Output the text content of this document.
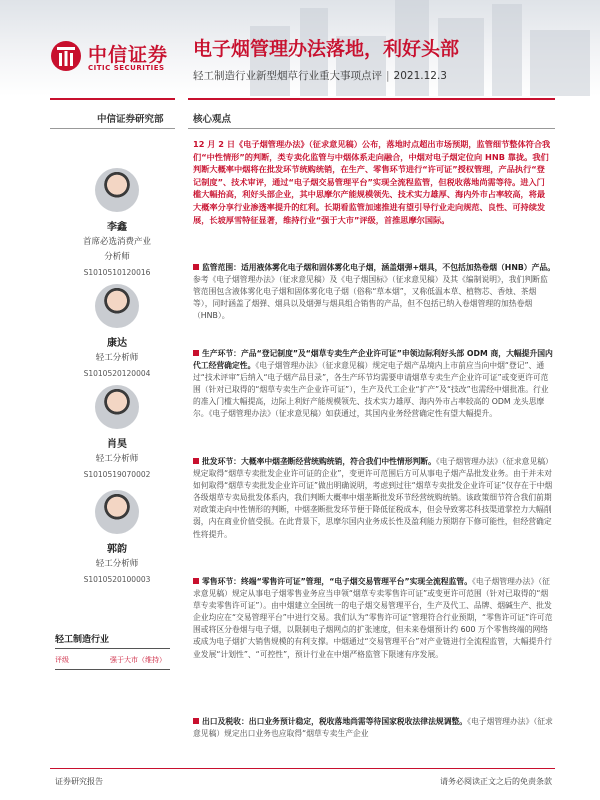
中信证券
CITIC SECURITIES
电子烟管理办法落地，利好头部
轻工制造行业新型烟草行业重大事项点评 | 2021.12.3
中信证券研究部	核心观点
李鑫
首席必选消费产业
分析师
S1010510120016
康达
轻工分析师
S1010520120004
肖昊
轻工分析师
S1010519070002
郭韵
轻工分析师
S1010520100003
轻工制造行业
评级	强于大市（维持）
12 月 2 日《电子烟管理办法》（征求意见稿）公布，落地时点超出市场预期，监管细节整体符合我们“中性情形”的判断，类专卖化监管与中烟体系走向融合，中烟对电子烟定位向 HNB 靠拢。我们判断大概率中烟将在批发环节统购统销，在生产、零售环节进行“许可证”授权管理，产品执行“登记制度”、技术审评，通过“电子烟交易管理平台”实现全流程监管，但税收落地尚需等待。进入门槛大幅抬高，利好头部企业，其中思摩尔产能规模领先、技术实力雄厚、海内外市占率较高，将最大概率分享行业渗透率提升的红利。长期看监管加速推进有望引导行业走向规范、良性、可持续发展，长坡厚雪特征显著，维持行业“强于大市”评级，首推思摩尔国际。
监管范围：适用液体雾化电子烟和固体雾化电子烟，涵盖烟弹+烟具，不包括加热卷烟（HNB）产品。参考《电子烟管理办法》（征求意见稿）及《电子烟国标》（征求意见稿）及其《编制说明》，我们判断监管范围包含液体雾化电子烟和固体雾化电子烟（俗称“草本烟”，又称低温本草、植物芯、香烛、茶烟等），同时涵盖了烟弹、烟具以及烟弹与烟具组合销售的产品，但不包括已纳入卷烟管理的加热卷烟（HNB）。
生产环节：产品“登记制度”及“烟草专卖生产企业许可证”申领边际利好头部 ODM 商，大幅提升国内代工经营确定性。《电子烟管理办法》（征求意见稿）规定电子烟产品境内上市前应当向中烟“登记”、通过“技术评审”后纳入“电子烟产品目录”，各生产环节均需要申请烟草专卖生产企业许可证”或变更许可范围（针对已取得的“烟草专卖生产企业许可证”），生产及代工企业“扩产”及“技改”也需经中烟批准。行业的准入门槛大幅提高，边际上利好产能规模领先、技术实力雄厚、海内外市占率较高的 ODM 龙头思摩尔。《电子烟管理办法》（征求意见稿）如获通过，其国内业务经营确定性有望大幅提升。
批发环节：大概率中烟垄断经营统购统销，符合我们中性情形判断。《电子烟管理办法》（征求意见稿）规定取得“烟草专卖批发企业许可证的企业”，变更许可范围后方可从事电子烟产品批发业务。由于并未对如何取得“烟草专卖批发企业许可证”做出明确说明，考虑到过往“烟草专卖批发企业许可证”仅存在于中烟各级烟草专卖局批发体系内，我们判断大概率中烟垄断批发环节经营统购统销。该政策细节符合我们前期对政策走向中性情形的判断，中烟垄断批发环节便于降低征税成本，但会导致雾芯科技渠道掌控力大幅削弱，内在商业价值受损。在此背景下，思摩尔国内业务成长性及盈利能力预期存下修可能性，但经营确定性将提升。
零售环节：终端“零售许可证”管理，“电子烟交易管理平台”实现全流程监管。《电子烟管理办法》（征求意见稿）规定从事电子烟零售业务应当申领“烟草专卖零售许可证”或变更许可范围（针对已取得的“烟草专卖零售许可证”）。由中烟建立全国统一的电子烟交易管理平台，生产及代工、品牌、烟碱生产、批发企业均应在“交易管理平台”中进行交易。我们认为“零售许可证”管理符合行业预期，“零售许可证”许可范围或将区分卷烟与电子烟，以限制电子烟网点的扩张速度，但未来卷烟预计约 600 万个零售终端的网络或成为电子烟扩大销售规模的有利支撑。中烟通过“交易管理平台”对产业链进行全流程监管，大幅提升行业发展“计划性”、“可控性”，预计行业在中烟严格监管下限速有序发展。
出口及税收：出口业务预计稳定，税收落地尚需等待国家税收法律法规调整。《电子烟管理办法》（征求意见稿）规定出口业务也应取得“烟草专卖生产企业
证券研究报告	请务必阅读正文之后的免责条款
